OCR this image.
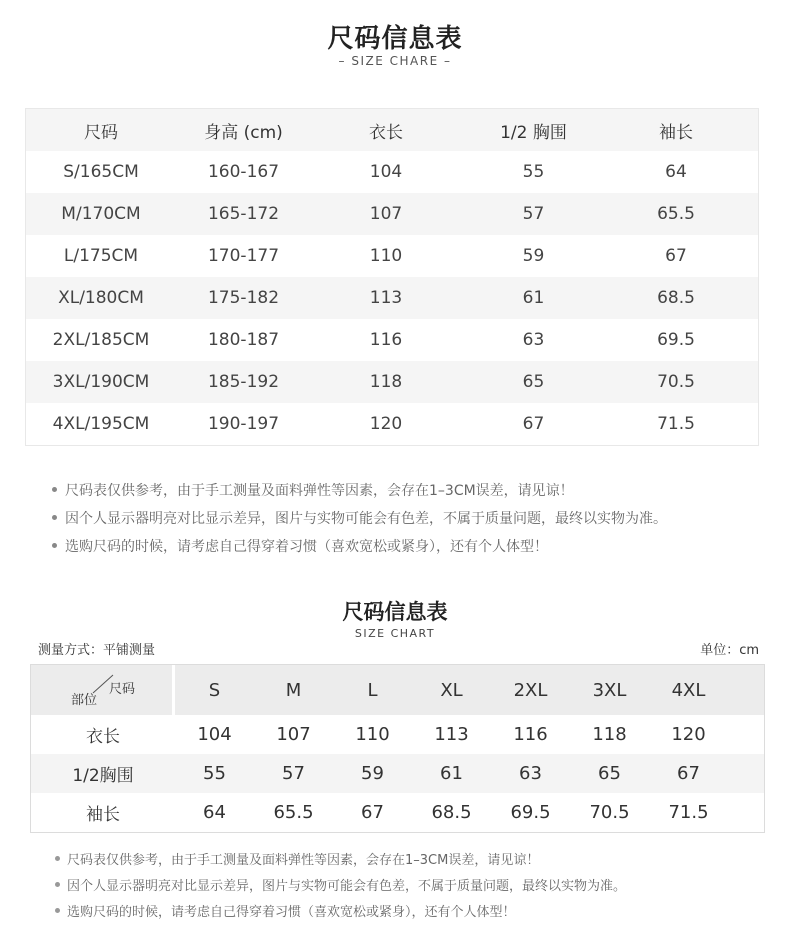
尺码信息表
– SIZE CHARE –
尺码	身高 (cm)	衣长	1/2 胸围	袖长
S/165CM	160-167	104	55	64
M/170CM	165-172	107	57	65.5
L/175CM	170-177	110	59	67
XL/180CM	175-182	113	61	68.5
2XL/185CM	180-187	116	63	69.5
3XL/190CM	185-192	118	65	70.5
4XL/195CM	190-197	120	67	71.5
尺码表仅供参考，由于手工测量及面料弹性等因素，会存在1–3CM误差，请见谅！
因个人显示器明亮对比显示差异，图片与实物可能会有色差，不属于质量问题，最终以实物为准。
选购尺码的时候，请考虑自己得穿着习惯（喜欢宽松或紧身），还有个人体型！
尺码信息表
SIZE CHART
测量方式：平铺测量	单位：cm
尺码
部位	S	M	L	XL	2XL	3XL	4XL
衣长	104	107	110	113	116	118	120
1/2胸围	55	57	59	61	63	65	67
袖长	64	65.5	67	68.5	69.5	70.5	71.5
尺码表仅供参考，由于手工测量及面料弹性等因素，会存在1–3CM误差，请见谅！
因个人显示器明亮对比显示差异，图片与实物可能会有色差，不属于质量问题，最终以实物为准。
选购尺码的时候，请考虑自己得穿着习惯（喜欢宽松或紧身），还有个人体型！
